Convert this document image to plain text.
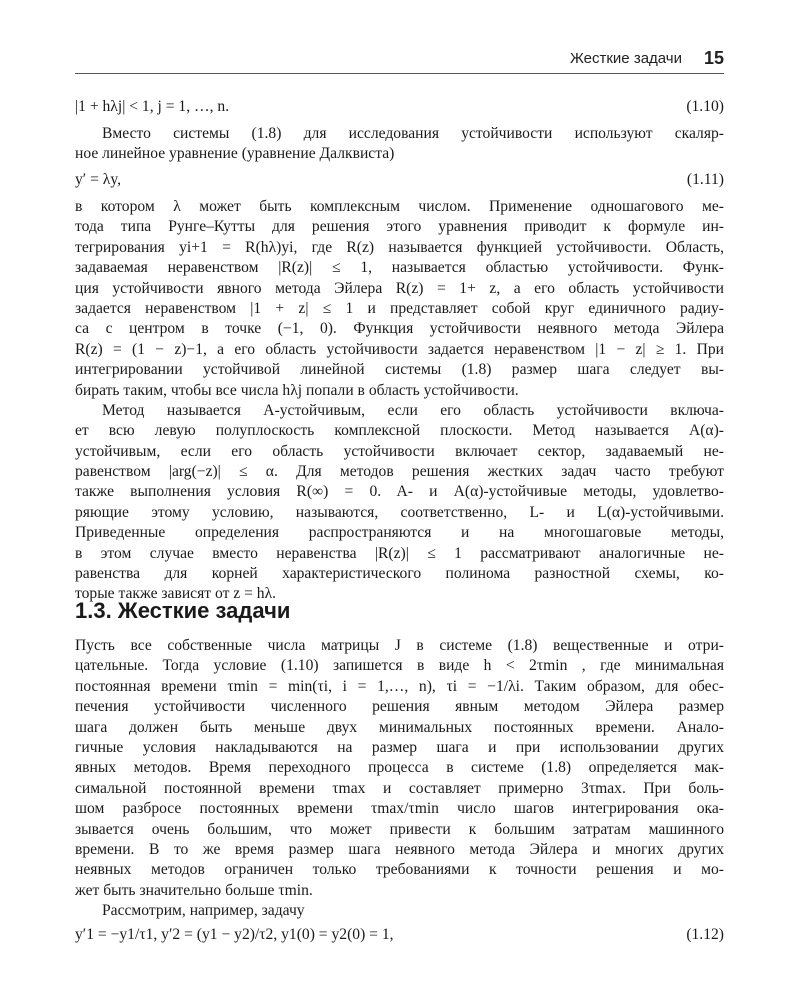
Жесткие задачи 15
|1 + hλj| < 1, j = 1, …, n.	(1.10)
Вместо системы (1.8) для исследования устойчивости используют скаляр-
ное линейное уравнение (уравнение Далквиста)
y′ = λy,	(1.11)
в котором λ может быть комплексным числом. Применение одношагового ме-
тода типа Рунге–Кутты для решения этого уравнения приводит к формуле ин-
тегрирования yi+1 = R(hλ)yi, где R(z) называется функцией устойчивости. Область,
задаваемая неравенством |R(z)| ≤ 1, называется областью устойчивости. Функ-
ция устойчивости явного метода Эйлера R(z) = 1+ z, а его область устойчивости
задается неравенством |1 + z| ≤ 1 и представляет собой круг единичного радиу-
са с центром в точке (−1, 0). Функция устойчивости неявного метода Эйлера
R(z) = (1 − z)−1, а его область устойчивости задается неравенством |1 − z| ≥ 1. При
интегрировании устойчивой линейной системы (1.8) размер шага следует вы-
бирать таким, чтобы все числа hλj попали в область устойчивости.
Метод называется A-устойчивым, если его область устойчивости включа-
ет всю левую полуплоскость комплексной плоскости. Метод называется A(α)-
устойчивым, если его область устойчивости включает сектор, задаваемый не-
равенством |arg(−z)| ≤ α. Для методов решения жестких задач часто требуют
также выполнения условия R(∞) = 0. A- и A(α)-устойчивые методы, удовлетво-
ряющие этому условию, называются, соответственно, L- и L(α)-устойчивыми.
Приведенные определения распространяются и на многошаговые методы,
в этом случае вместо неравенства |R(z)| ≤ 1 рассматривают аналогичные не-
равенства для корней характеристического полинома разностной схемы, ко-
торые также зависят от z = hλ.
1.3. Жесткие задачи
Пусть все собственные числа матрицы J в системе (1.8) вещественные и отри-
цательные. Тогда условие (1.10) запишется в виде h < 2τmin , где минимальная
постоянная времени τmin = min(τi, i = 1,…, n), τi = −1/λi. Таким образом, для обес-
печения устойчивости численного решения явным методом Эйлера размер
шага должен быть меньше двух минимальных постоянных времени. Анало-
гичные условия накладываются на размер шага и при использовании других
явных методов. Время переходного процесса в системе (1.8) определяется мак-
симальной постоянной времени τmax и составляет примерно 3τmax. При боль-
шом разбросе постоянных времени τmax/τmin число шагов интегрирования ока-
зывается очень большим, что может привести к большим затратам машинного
времени. В то же время размер шага неявного метода Эйлера и многих других
неявных методов ограничен только требованиями к точности решения и мо-
жет быть значительно больше τmin.
Рассмотрим, например, задачу
y′1 = −y1/τ1, y′2 = (y1 − y2)/τ2, y1(0) = y2(0) = 1,	(1.12)
